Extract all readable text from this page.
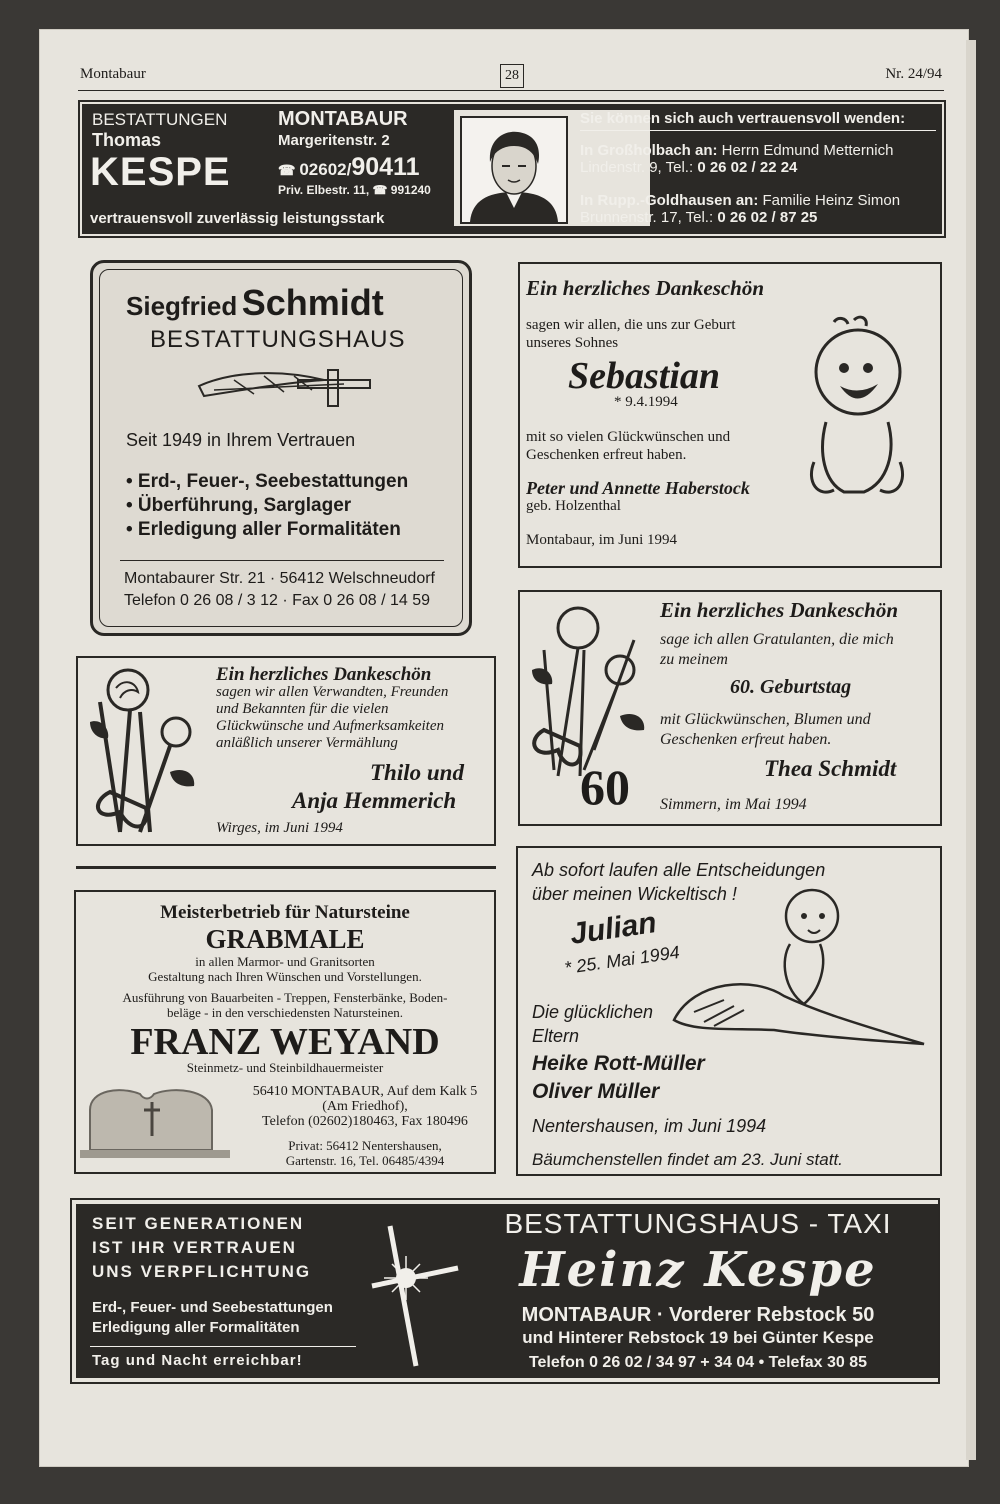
Montabaur	28	Nr. 24/94
BESTATTUNGEN
Thomas
KESPE
MONTABAUR
Margeritenstr. 2
☎ 02602/90411
Priv. Elbestr. 11, ☎ 991240
vertrauensvoll zuverlässig leistungsstark
Sie können sich auch vertrauensvoll wenden:
In Großholbach an: Herrn Edmund Metternich
Lindenstr. 9, Tel.: 0 26 02 / 22 24
In Rupp.-Goldhausen an: Familie Heinz Simon
Brunnenstr. 17, Tel.: 0 26 02 / 87 25
Siegfried Schmidt
BESTATTUNGSHAUS
Seit 1949 in Ihrem Vertrauen
• Erd-, Feuer-, Seebestattungen
• Überführung, Sarglager
• Erledigung aller Formalitäten
Montabaurer Str. 21 · 56412 Welschneudorf
Telefon 0 26 08 / 3 12 · Fax 0 26 08 / 14 59
Ein herzliches Dankeschön
sagen wir allen, die uns zur Geburt
unseres Sohnes
Sebastian
* 9.4.1994
mit so vielen Glückwünschen und
Geschenken erfreut haben.
Peter und Annette Haberstock
geb. Holzenthal
Montabaur, im Juni 1994
Ein herzliches Dankeschön
sagen wir allen Verwandten, Freunden
und Bekannten für die vielen
Glückwünsche und Aufmerksamkeiten
anläßlich unserer Vermählung
Thilo und
Anja Hemmerich
Wirges, im Juni 1994
Ein herzliches Dankeschön
sage ich allen Gratulanten, die mich
zu meinem
60. Geburtstag
mit Glückwünschen, Blumen und
Geschenken erfreut haben.
Thea Schmidt
60 Simmern, im Mai 1994
Meisterbetrieb für Natursteine
GRABMALE
in allen Marmor- und Granitsorten
Gestaltung nach Ihren Wünschen und Vorstellungen.
Ausführung von Bauarbeiten - Treppen, Fensterbänke, Boden-
beläge - in den verschiedensten Natursteinen.
FRANZ WEYAND
Steinmetz- und Steinbildhauermeister
56410 MONTABAUR, Auf dem Kalk 5
(Am Friedhof),
Telefon (02602)180463, Fax 180496
Privat: 56412 Nentershausen,
Gartenstr. 16, Tel. 06485/4394
Ab sofort laufen alle Entscheidungen
über meinen Wickeltisch !
Julian
* 25. Mai 1994
Die glücklichen
Eltern
Heike Rott-Müller
Oliver Müller
Nentershausen, im Juni 1994
Bäumchenstellen findet am 23. Juni statt.
SEIT GENERATIONEN
IST IHR VERTRAUEN
UNS VERPFLICHTUNG
Erd-, Feuer- und Seebestattungen
Erledigung aller Formalitäten
Tag und Nacht erreichbar!
BESTATTUNGSHAUS - TAXI
Heinz Kespe
MONTABAUR · Vorderer Rebstock 50
und Hinterer Rebstock 19 bei Günter Kespe
Telefon 0 26 02 / 34 97 + 34 04 • Telefax 30 85
